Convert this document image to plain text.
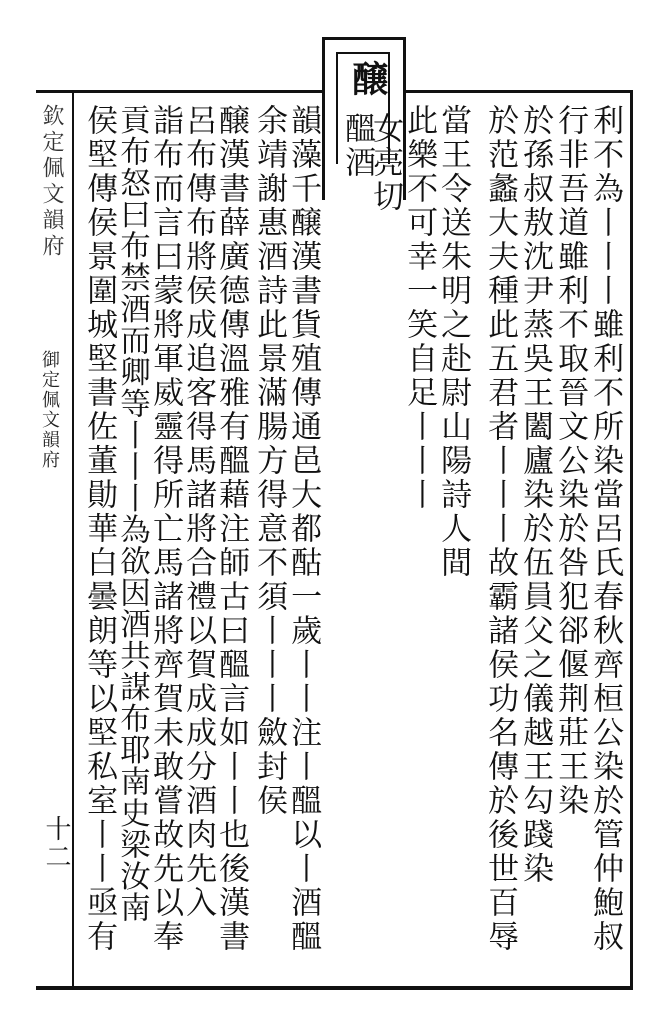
醸
欽定佩文韻府
御定佩文韻府
十二	利不為丨丨丨雖利不所染當呂氏春秋齊桓公染於管仲鮑叔
行非吾道雖利不取晉文公染於咎犯郤偃荆莊王染
於孫叔敖沈尹蒸吳王闔廬染於伍員父之儀越王勾踐染
於范蠡大夫種此五君者丨丨丨故霸諸侯功名傳於後世百辱
當王令送朱明之赴尉山陽詩人間
此樂不可幸一笑自足丨丨丨
女亮切
醞酒
韻藻千醸漢書貨殖傳通邑大都酤一歲丨丨注丨醞以丨酒醞
余靖謝惠酒詩此景滿腸方得意不須丨丨丨斂封侯
醸漢書薛廣德傳溫雅有醞藉注師古曰醞言如丨丨也後漢書
呂布傳布將侯成追客得馬諸將合禮以賀成成分酒肉先入
詣布而言曰蒙將軍威靈得所亡馬諸將齊賀未敢嘗故先以奉
貢布怒曰布禁酒而卿等丨丨丨為欲因酒共謀布耶南史梁汝南
侯堅傳侯景圍城堅書佐董勛華白曇朗等以堅私室丨丨亟有
